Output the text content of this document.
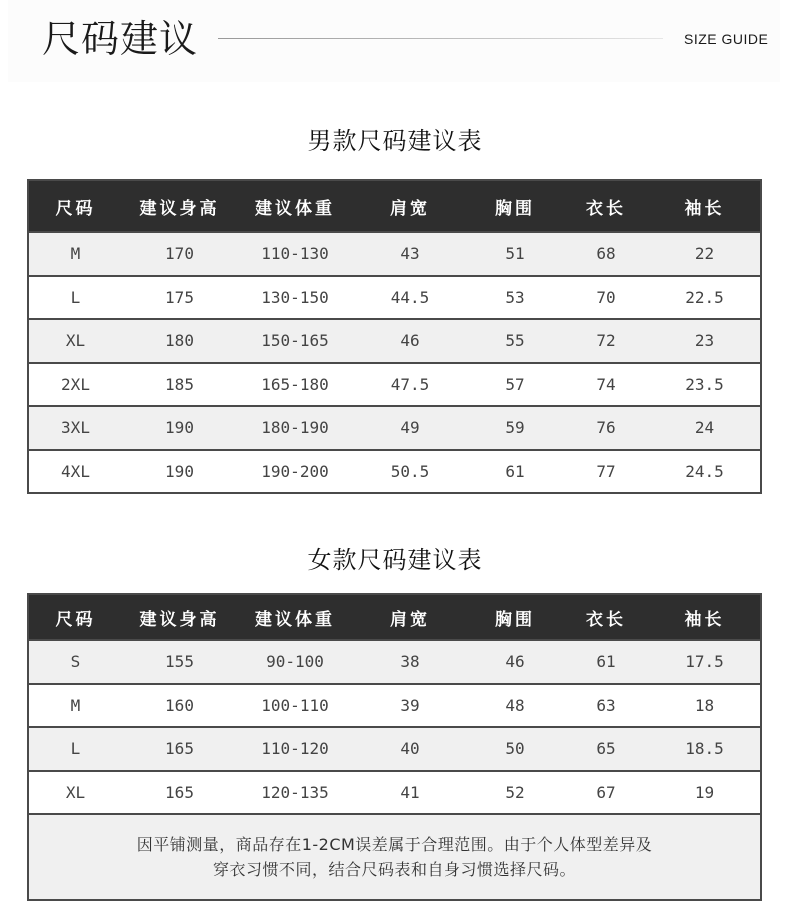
尺码建议	SIZE GUIDE
男款尺码建议表
尺码	建议身高	建议体重	肩宽	胸围	衣长	袖长
M	170	110-130	43	51	68	22
L	175	130-150	44.5	53	70	22.5
XL	180	150-165	46	55	72	23
2XL	185	165-180	47.5	57	74	23.5
3XL	190	180-190	49	59	76	24
4XL	190	190-200	50.5	61	77	24.5
女款尺码建议表
尺码	建议身高	建议体重	肩宽	胸围	衣长	袖长
S	155	90-100	38	46	61	17.5
M	160	100-110	39	48	63	18
L	165	110-120	40	50	65	18.5
XL	165	120-135	41	52	67	19

因平铺测量，商品存在1-2CM误差属于合理范围。由于个人体型差异及
穿衣习惯不同，结合尺码表和自身习惯选择尺码。						
